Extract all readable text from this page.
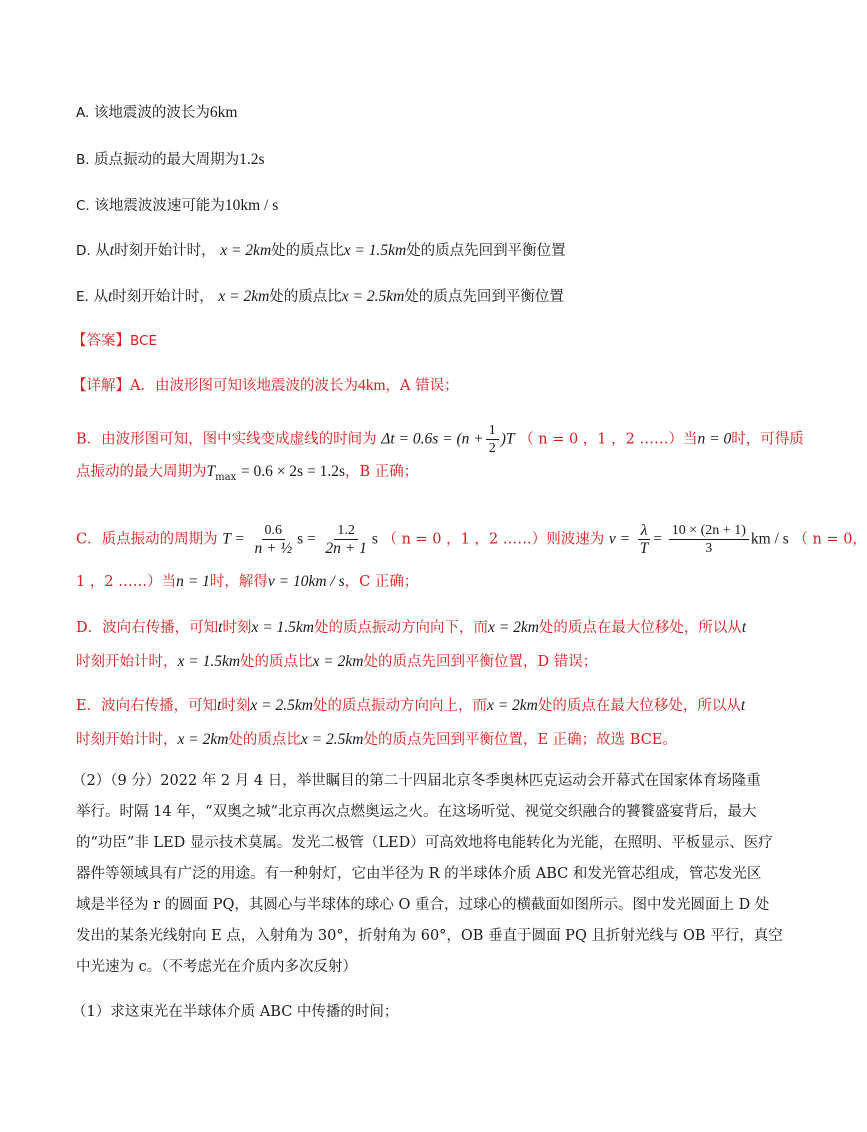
A. 该地震波的波长为6km
B. 质点振动的最大周期为1.2s
C. 该地震波波速可能为10km / s
D. 从t时刻开始计时， x = 2km处的质点比x = 1.5km处的质点先回到平衡位置
E. 从t时刻开始计时， x = 2km处的质点比x = 2.5km处的质点先回到平衡位置
【答案】BCE
【详解】A．由波形图可知该地震波的波长为4km，A 错误；
B．由波形图可知，图中实线变成虚线的时间为 $\Delta t = 0.6s = (n + \frac{1}{2} )T$ （ n = 0 ，1 ，2 ……）当n = 0时，可得质
点振动的最大周期为$T_{max} = 0.6 \times 2s = 1.2s$，B 正确；
C．质点振动的周期为 $T = \frac{0.6}{\text{n + ½}}$ $s = \frac{1.2}{2n + 1}$ s （ n = 0 ，1 ，2 ……）则波速为 $v = \frac{\lambda}{T} = \frac{10 \times (2n + 1)}{3}$ km / s （ n = 0，
1 ，2 ……）当n = 1时，解得v = 10km / s，C 正确；
D．波向右传播，可知t时刻x = 1.5km处的质点振动方向向下，而x = 2km处的质点在最大位移处，所以从t
时刻开始计时，x = 1.5km处的质点比x = 2km处的质点先回到平衡位置，D 错误；
E．波向右传播，可知t时刻x = 2.5km处的质点振动方向向上，而x = 2km处的质点在最大位移处，所以从t
时刻开始计时，x = 2km处的质点比x = 2.5km处的质点先回到平衡位置，E 正确；故选 BCE。
（2）（9 分）2022 年 2 月 4 日，举世瞩目的第二十四届北京冬季奥林匹克运动会开幕式在国家体育场隆重
举行。时隔 14 年，“双奥之城”北京再次点燃奥运之火。在这场听觉、视觉交织融合的饕餮盛宴背后，最大
的“功臣”非 LED 显示技术莫属。发光二极管（LED）可高效地将电能转化为光能，在照明、平板显示、医疗
器件等领域具有广泛的用途。有一种射灯，它由半径为 R 的半球体介质 ABC 和发光管芯组成，管芯发光区
域是半径为 r 的圆面 PQ，其圆心与半球体的球心 O 重合，过球心的横截面如图所示。图中发光圆面上 D 处
发出的某条光线射向 E 点，入射角为 30°，折射角为 60°，OB 垂直于圆面 PQ 且折射光线与 OB 平行，真空
中光速为 c。（不考虑光在介质内多次反射）
（1）求这束光在半球体介质 ABC 中传播的时间；
